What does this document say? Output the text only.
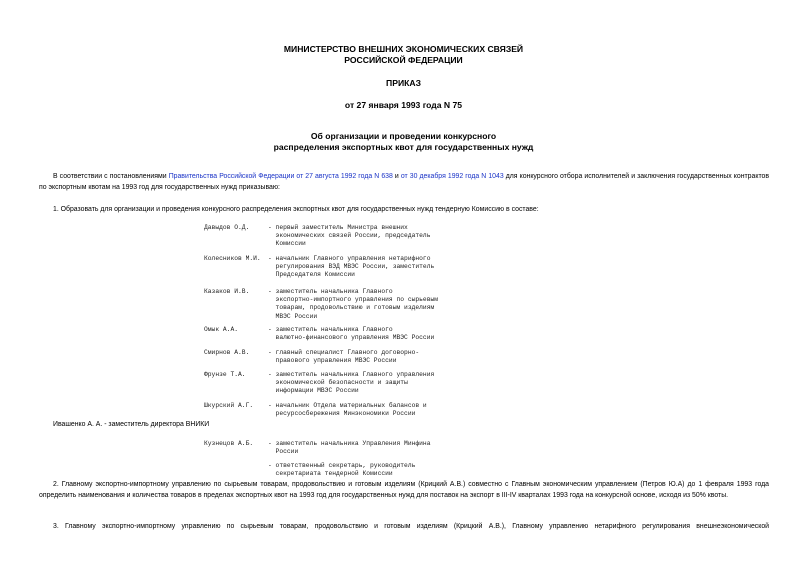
МИНИСТЕРСТВО ВНЕШНИХ ЭКОНОМИЧЕСКИХ СВЯЗЕЙ
РОССИЙСКОЙ ФЕДЕРАЦИИ
ПРИКАЗ
от 27 января 1993 года N 75
Об организации и проведении конкурсного
распределения экспортных квот для государственных нужд
В соответствии с постановлениями Правительства Российской Федерации от 27 августа 1992 года N 638 и от 30 декабря 1992 года N 1043 для конкурсного отбора исполнителей и заключения государственных контрактов по экспортным квотам на 1993 год для государственных нужд приказываю:
1. Образовать для организации и проведения конкурсного распределения экспортных квот для государственных нужд тендерную Комиссию в составе:
Давыдов О.Д.	- первый заместитель Министра внешних
экономических связей России, председатель
Комиссии
Колесников М.И. - начальник Главного управления нетарифного
регулирования ВЭД МВЭС России, заместитель
Председателя Комиссии
Казаков И.В.	- заместитель начальника Главного
экспортно-импортного управления по сырьевым
товарам, продовольствию и готовым изделиям
МВЭС России
Омык А.А.	- заместитель начальника Главного
валютно-финансового управления МВЭС России
Смирнов А.В.	- главный специалист Главного договорно-
правового управления МВЭС России
Фрунзе Т.А.	- заместитель начальника Главного управления
экономической безопасности и защиты
информации МВЭС России
Шкурский А.Г. - начальник Отдела материальных балансов и
ресурсосбережения Минэкономики России
Ивашенко А. А. - заместитель директора ВНИКИ
Кузнецов А.Б. - заместитель начальника Управления Минфина
России
- ответственный секретарь, руководитель
секретариата тендерной Комиссии
2. Главному экспортно-импортному управлению по сырьевым товарам, продовольствию и готовым изделиям (Крицкий А.В.) совместно с Главным экономическим управлением (Петров Ю.А) до 1 февраля 1993 года определить наименования и количества товаров в пределах экспортных квот на 1993 год для государственных нужд для поставок на экспорт в III-IV кварталах 1993 года на конкурсной основе, исходя из 50% квоты.
3. Главному экспортно-импортному управлению по сырьевым товарам, продовольствию и готовым изделиям (Крицкий А.В.), Главному управлению нетарифного регулирования внешнеэкономической
